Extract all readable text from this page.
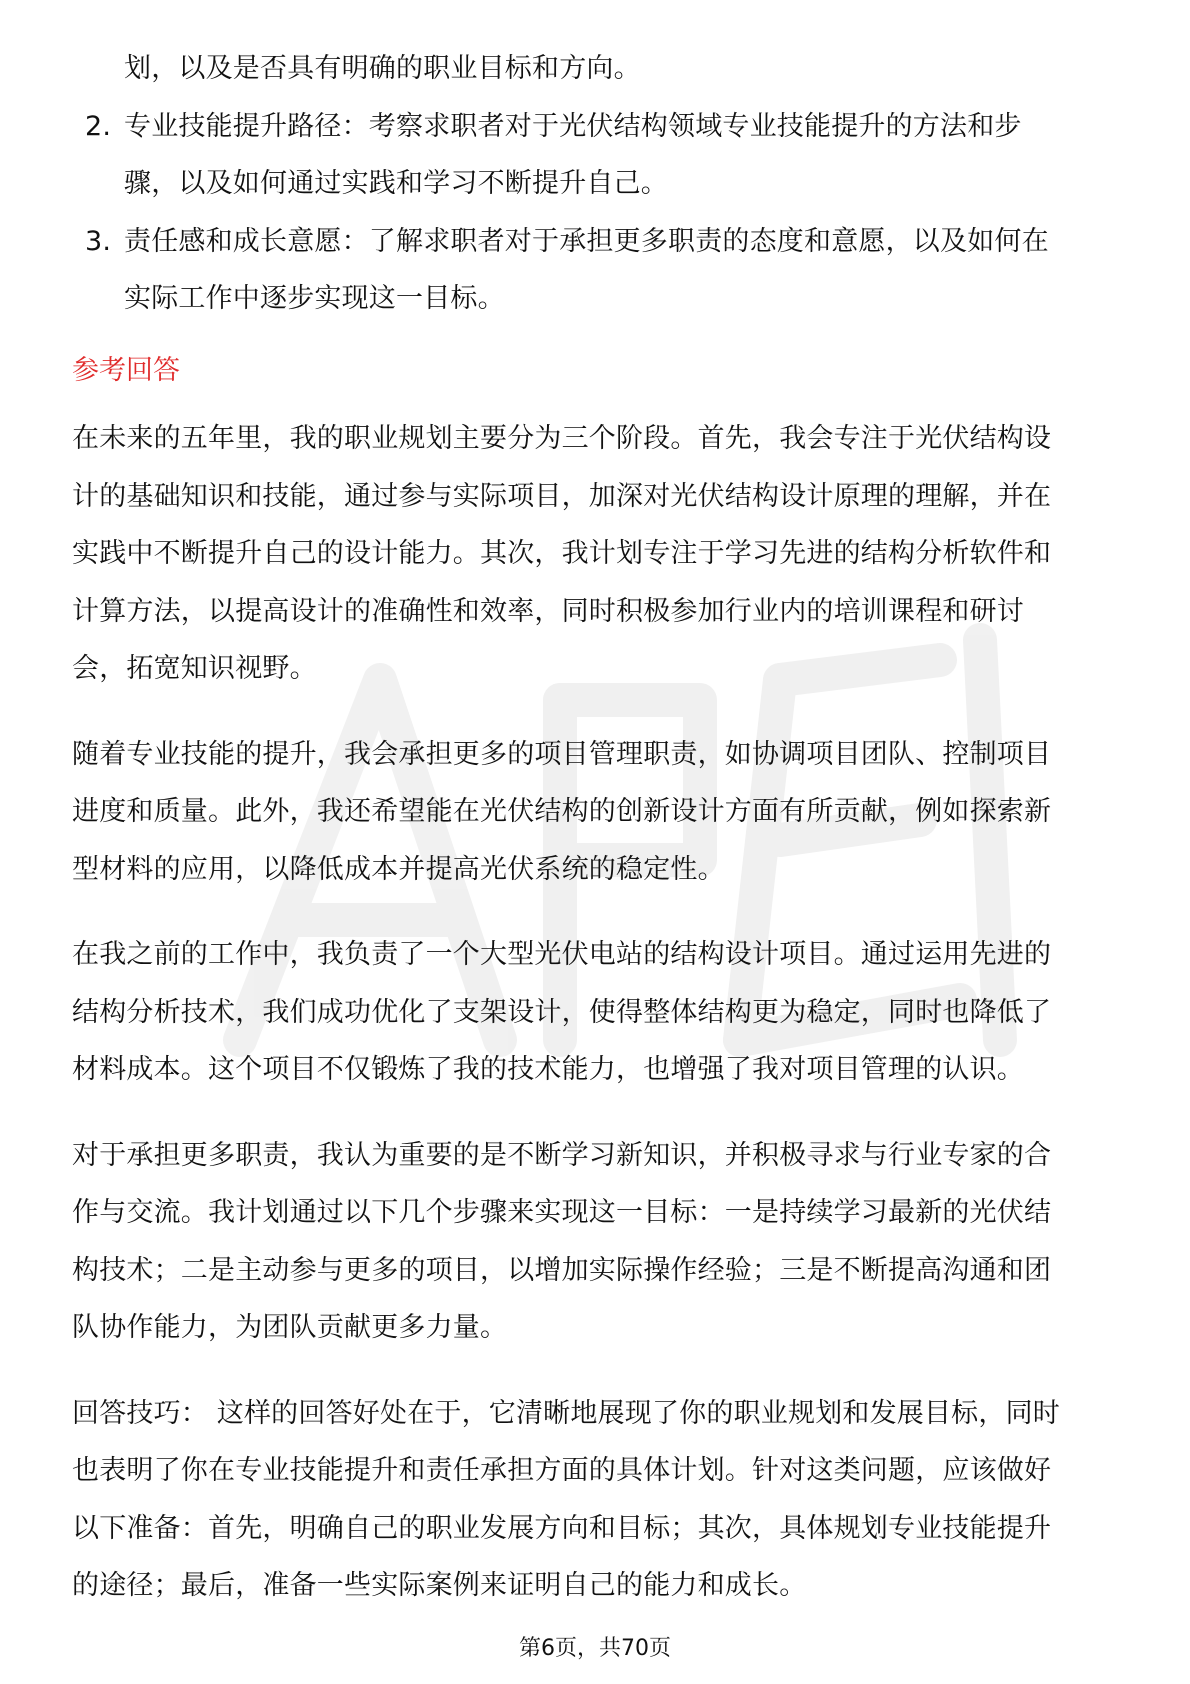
划，以及是否具有明确的职业目标和方向。
2. 专业技能提升路径：考察求职者对于光伏结构领域专业技能提升的方法和步
骤，以及如何通过实践和学习不断提升自己。
3. 责任感和成长意愿：了解求职者对于承担更多职责的态度和意愿，以及如何在
实际工作中逐步实现这一目标。
参考回答
在未来的五年里，我的职业规划主要分为三个阶段。首先，我会专注于光伏结构设
计的基础知识和技能，通过参与实际项目，加深对光伏结构设计原理的理解，并在
实践中不断提升自己的设计能力。其次，我计划专注于学习先进的结构分析软件和
计算方法，以提高设计的准确性和效率，同时积极参加行业内的培训课程和研讨
会，拓宽知识视野。
随着专业技能的提升，我会承担更多的项目管理职责，如协调项目团队、控制项目
进度和质量。此外，我还希望能在光伏结构的创新设计方面有所贡献，例如探索新
型材料的应用，以降低成本并提高光伏系统的稳定性。
在我之前的工作中，我负责了一个大型光伏电站的结构设计项目。通过运用先进的
结构分析技术，我们成功优化了支架设计，使得整体结构更为稳定，同时也降低了
材料成本。这个项目不仅锻炼了我的技术能力，也增强了我对项目管理的认识。
对于承担更多职责，我认为重要的是不断学习新知识，并积极寻求与行业专家的合
作与交流。我计划通过以下几个步骤来实现这一目标：一是持续学习最新的光伏结
构技术；二是主动参与更多的项目，以增加实际操作经验；三是不断提高沟通和团
队协作能力，为团队贡献更多力量。
回答技巧： 这样的回答好处在于，它清晰地展现了你的职业规划和发展目标，同时
也表明了你在专业技能提升和责任承担方面的具体计划。针对这类问题，应该做好
以下准备：首先，明确自己的职业发展方向和目标；其次，具体规划专业技能提升
的途径；最后，准备一些实际案例来证明自己的能力和成长。
第6页，共70页
